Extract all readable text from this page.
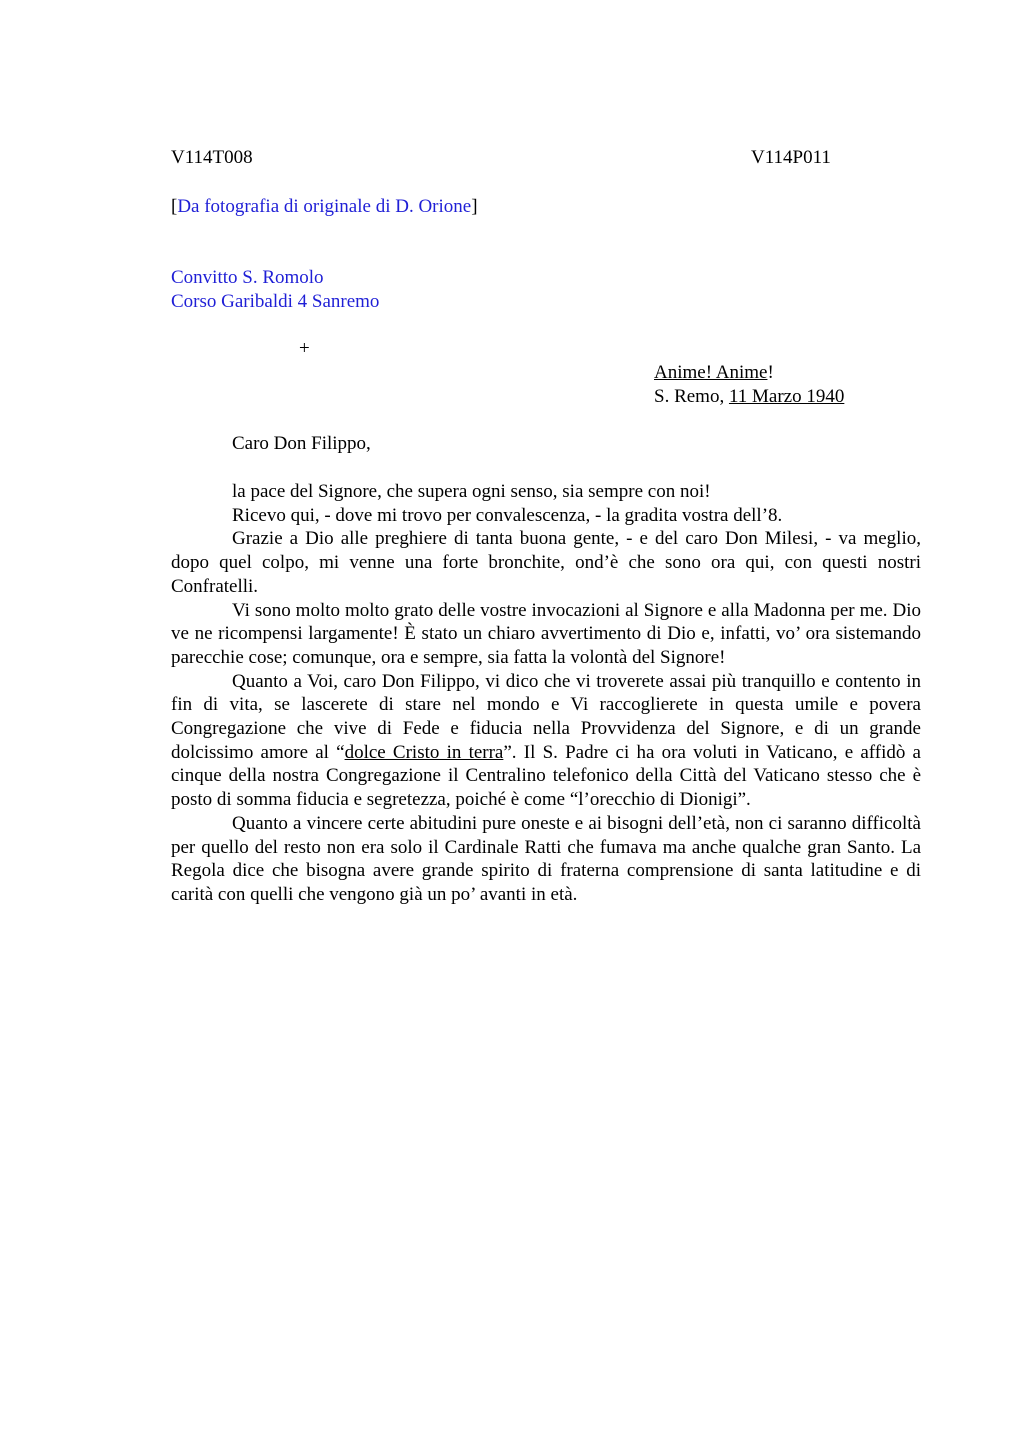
V114T008	V114P011
[Da fotografia di originale di D. Orione]
Convitto S. Romolo
Corso Garibaldi 4 Sanremo
+
Anime! Anime!
S. Remo, 11 Marzo 1940
Caro Don Filippo,

la pace del Signore, che supera ogni senso, sia sempre con noi!

Ricevo qui, - dove mi trovo per convalescenza, - la gradita vostra dell’8.

Grazie a Dio alle preghiere di tanta buona gente, - e del caro Don Milesi, - va meglio, dopo quel colpo, mi venne una forte bronchite, ond’è che sono ora qui, con questi nostri Confratelli.

Vi sono molto molto grato delle vostre invocazioni al Signore e alla Madonna per me. Dio ve ne ricompensi largamente! È stato un chiaro avvertimento di Dio e, infatti, vo’ ora sistemando parecchie cose; comunque, ora e sempre, sia fatta la volontà del Signore!

Quanto a Voi, caro Don Filippo, vi dico che vi troverete assai più tranquillo e contento in fin di vita, se lascerete di stare nel mondo e Vi raccoglierete in questa umile e povera Congregazione che vive di Fede e fiducia nella Provvidenza del Signore, e di un grande dolcissimo amore al “dolce Cristo in terra”. Il S. Padre ci ha ora voluti in Vaticano, e affidò a cinque della nostra Congregazione il Centralino telefonico della Città del Vaticano stesso che è posto di somma fiducia e segretezza, poiché è come “l’orecchio di Dionigi”.

Quanto a vincere certe abitudini pure oneste e ai bisogni dell’età, non ci saranno difficoltà per quello del resto non era solo il Cardinale Ratti che fumava ma anche qualche gran Santo. La Regola dice che bisogna avere grande spirito di fraterna comprensione di santa latitudine e di carità con quelli che vengono già un po’ avanti in età.
